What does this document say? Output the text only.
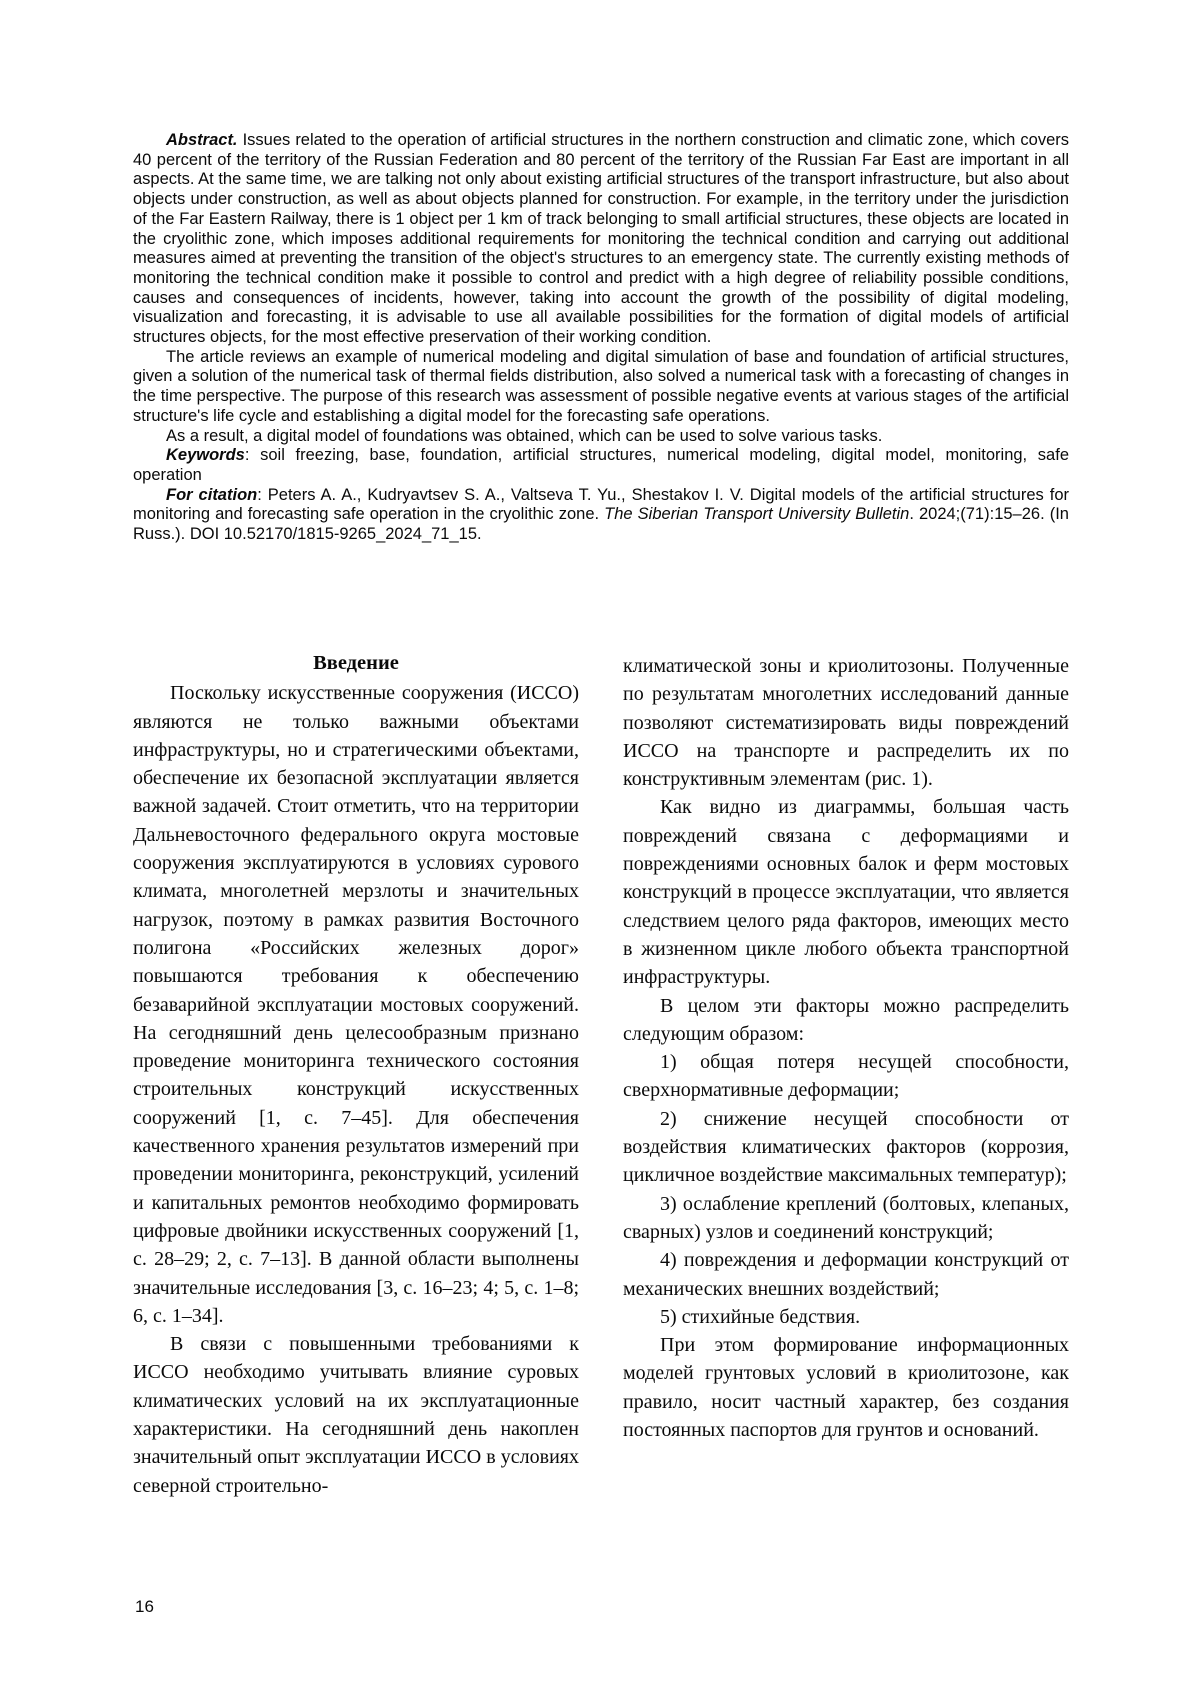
Abstract. Issues related to the operation of artificial structures in the northern construction and climatic zone, which covers 40 percent of the territory of the Russian Federation and 80 percent of the territory of the Russian Far East are important in all aspects. At the same time, we are talking not only about existing artificial structures of the transport infrastructure, but also about objects under construction, as well as about objects planned for construction. For example, in the territory under the jurisdiction of the Far Eastern Railway, there is 1 object per 1 km of track belonging to small artificial structures, these objects are located in the cryolithic zone, which imposes additional requirements for monitoring the technical condition and carrying out additional measures aimed at preventing the transition of the object's structures to an emergency state. The currently existing methods of monitoring the technical condition make it possible to control and predict with a high degree of reliability possible conditions, causes and consequences of incidents, however, taking into account the growth of the possibility of digital modeling, visualization and forecasting, it is advisable to use all available possibilities for the formation of digital models of artificial structures objects, for the most effective preservation of their working condition.

The article reviews an example of numerical modeling and digital simulation of base and foundation of artificial structures, given a solution of the numerical task of thermal fields distribution, also solved a numerical task with a forecasting of changes in the time perspective. The purpose of this research was assessment of possible negative events at various stages of the artificial structure's life cycle and establishing a digital model for the forecasting safe operations.

As a result, a digital model of foundations was obtained, which can be used to solve various tasks.

Keywords: soil freezing, base, foundation, artificial structures, numerical modeling, digital model, monitoring, safe operation

For citation: Peters A. A., Kudryavtsev S. A., Valtseva T. Yu., Shestakov I. V. Digital models of the artificial structures for monitoring and forecasting safe operation in the cryolithic zone. The Siberian Transport University Bulletin. 2024;(71):15–26. (In Russ.). DOI 10.52170/1815-9265_2024_71_15.

Введение

Поскольку искусственные сооружения (ИССО) являются не только важными объектами инфраструктуры, но и стратегическими объектами, обеспечение их безопасной эксплуатации является важной задачей. Стоит отметить, что на территории Дальневосточного федерального округа мостовые сооружения эксплуатируются в условиях сурового климата, многолетней мерзлоты и значительных нагрузок, поэтому в рамках развития Восточного полигона «Российских железных дорог» повышаются требования к обеспечению безаварийной эксплуатации мостовых сооружений. На сегодняшний день целесообразным признано проведение мониторинга технического состояния строительных конструкций искусственных сооружений [1, с. 7–45]. Для обеспечения качественного хранения результатов измерений при проведении мониторинга, реконструкций, усилений и капитальных ремонтов необходимо формировать цифровые двойники искусственных сооружений [1, с. 28–29; 2, с. 7–13]. В данной области выполнены значительные исследования [3, с. 16–23; 4; 5, с. 1–8; 6, с. 1–34].

В связи с повышенными требованиями к ИССО необходимо учитывать влияние суровых климатических условий на их эксплуатационные характеристики. На сегодняшний день накоплен значительный опыт эксплуатации ИССО в условиях северной строительно-

климатической зоны и криолитозоны. Полученные по результатам многолетних исследований данные позволяют систематизировать виды повреждений ИССО на транспорте и распределить их по конструктивным элементам (рис. 1).

Как видно из диаграммы, большая часть повреждений связана с деформациями и повреждениями основных балок и ферм мостовых конструкций в процессе эксплуатации, что является следствием целого ряда факторов, имеющих место в жизненном цикле любого объекта транспортной инфраструктуры.

В целом эти факторы можно распределить следующим образом:

1) общая потеря несущей способности, сверхнормативные деформации;

2) снижение несущей способности от воздействия климатических факторов (коррозия, цикличное воздействие максимальных температур);

3) ослабление креплений (болтовых, клепаных, сварных) узлов и соединений конструкций;

4) повреждения и деформации конструкций от механических внешних воздействий;

5) стихийные бедствия.

При этом формирование информационных моделей грунтовых условий в криолитозоне, как правило, носит частный характер, без создания постоянных паспортов для грунтов и оснований.

16
